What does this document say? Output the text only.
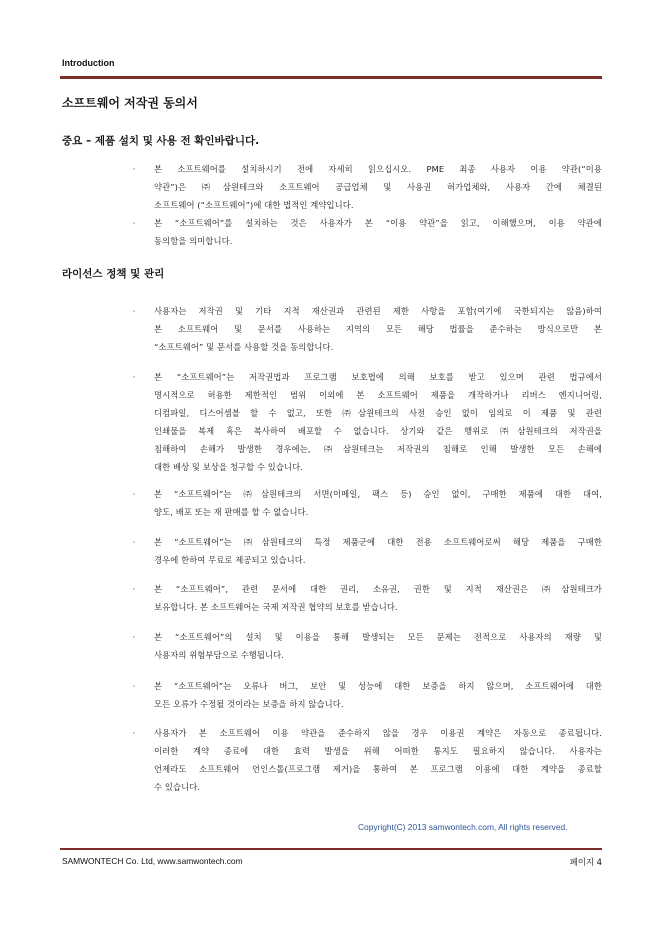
Introduction
소프트웨어 저작권 동의서
중요 – 제품 설치 및 사용 전 확인바랍니다.
·	본 소프트웨어를 설치하시기 전에 자세히 읽으십시오. PME 최종 사용자 이용 약관(“이용
약관”)은 ㈜삼원테크와 소프트웨어 공급업체 및 사용권 허가업체와, 사용자 간에 체결된
소프트웨어 (“소프트웨어”)에 대한 법적인 계약입니다.
·	본 “소프트웨어”를 설치하는 것은 사용자가 본 “이용 약관”을 읽고, 이해했으며, 이용 약관에
동의함을 의미합니다.
라이선스 정책 및 관리
·	사용자는 저작권 및 기타 지적 재산권과 관련된 제한 사항을 포함(여기에 국한되지는 않음)하여
본 소프트웨어 및 문서를 사용하는 지역의 모든 해당 법률을 준수하는 방식으로만 본
“소프트웨어” 및 문서를 사용할 것을 동의합니다.
·	본 “소프트웨어”는 저작권법과 프로그램 보호법에 의해 보호를 받고 있으며 관련 법규에서
명시적으로 허용한 제한적인 범위 이외에 본 소프트웨어 제품을 개작하거나 리버스 엔지니어링,
디컴파일, 디스어셈블 할 수 없고, 또한 ㈜삼원테크의 사전 승인 없이 임의로 이 제품 및 관련
인쇄물을 복제 혹은 복사하여 배포할 수 없습니다. 상기와 같은 행위로 ㈜삼원테크의 저작권을
침해하여 손해가 발생한 경우에는, ㈜삼원테크는 저작권의 침해로 인해 발생한 모든 손해에
대한 배상 및 보상을 청구할 수 있습니다.
·	본 “소프트웨어”는 ㈜삼원테크의 서면(이메일, 팩스 등) 승인 없이, 구매한 제품에 대한 대여,
양도, 배포 또는 재 판매를 할 수 없습니다.
·	본 “소프트웨어”는 ㈜삼원테크의 특정 제품군에 대한 전용 소프트웨어로써 해당 제품을 구매한
경우에 한하여 무료로 제공되고 있습니다.
·	본 “소프트웨어”, 관련 문서에 대한 권리, 소유권, 권한 및 지적 재산권은 ㈜삼원테크가
보유합니다. 본 소프트웨어는 국제 저작권 협약의 보호를 받습니다.
·	본 “소프트웨어”의 설치 및 이용을 통해 발생되는 모든 문제는 전적으로 사용자의 재량 및
사용자의 위험부담으로 수행됩니다.
·	본 “소프트웨어”는 오류나 버그, 보안 및 성능에 대한 보증을 하지 않으며, 소프트웨어에 대한
모든 오류가 수정될 것이라는 보증을 하지 않습니다.
·	사용자가 본 소프트웨어 이용 약관을 준수하지 않을 경우 이용권 계약은 자동으로 종료됩니다.
이러한 계약 종료에 대한 효력 발생을 위해 어떠한 통지도 필요하지 않습니다. 사용자는
언제라도 소프트웨어 언인스톨(프로그램 제거)을 통하여 본 프로그램 이용에 대한 계약을 종료할
수 있습니다.
Copyright(C) 2013 samwontech.com, All rights reserved.
SAMWONTECH Co. Ltd, www.samwontech.com	페이지 4
